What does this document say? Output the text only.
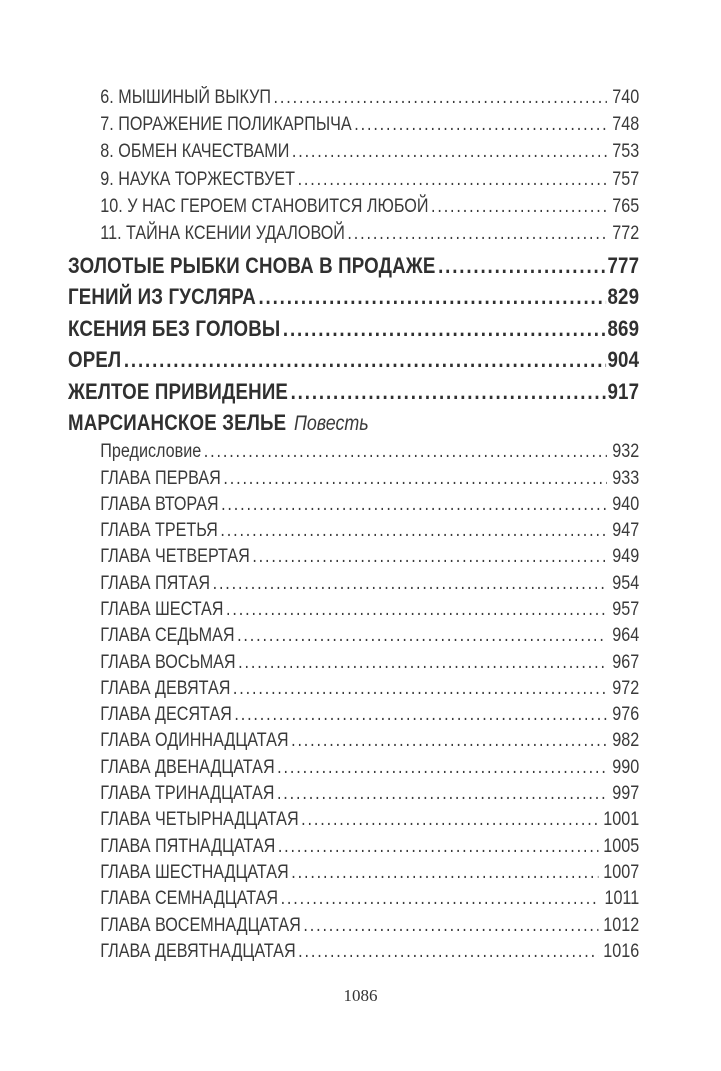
6. МЫШИНЫЙ ВЫКУП .....	740
7. ПОРАЖЕНИЕ ПОЛИКАРПЫЧА .....	748
8. ОБМЕН КАЧЕСТВАМИ .....	753
9. НАУКА ТОРЖЕСТВУЕТ .....	757
10. У НАС ГЕРОЕМ СТАНОВИТСЯ ЛЮБОЙ .....	765
11. ТАЙНА КСЕНИИ УДАЛОВОЙ .....	772
ЗОЛОТЫЕ РЫБКИ СНОВА В ПРОДАЖЕ .....	777
ГЕНИЙ ИЗ ГУСЛЯРА .....	829
КСЕНИЯ БЕЗ ГОЛОВЫ .....	869
ОРЕЛ .....	904
ЖЕЛТОЕ ПРИВИДЕНИЕ .....	917
МАРСИАНСКОЕ ЗЕЛЬЕ Повесть
Предисловие .....	932
ГЛАВА ПЕРВАЯ .....	933
ГЛАВА ВТОРАЯ .....	940
ГЛАВА ТРЕТЬЯ .....	947
ГЛАВА ЧЕТВЕРТАЯ .....	949
ГЛАВА ПЯТАЯ .....	954
ГЛАВА ШЕСТАЯ .....	957
ГЛАВА СЕДЬМАЯ .....	964
ГЛАВА ВОСЬМАЯ .....	967
ГЛАВА ДЕВЯТАЯ .....	972
ГЛАВА ДЕСЯТАЯ .....	976
ГЛАВА ОДИННАДЦАТАЯ .....	982
ГЛАВА ДВЕНАДЦАТАЯ .....	990
ГЛАВА ТРИНАДЦАТАЯ .....	997
ГЛАВА ЧЕТЫРНАДЦАТАЯ .....	1001
ГЛАВА ПЯТНАДЦАТАЯ .....	1005
ГЛАВА ШЕСТНАДЦАТАЯ .....	1007
ГЛАВА СЕМНАДЦАТАЯ .....	1011
ГЛАВА ВОСЕМНАДЦАТАЯ .....	1012
ГЛАВА ДЕВЯТНАДЦАТАЯ .....	1016
1086
